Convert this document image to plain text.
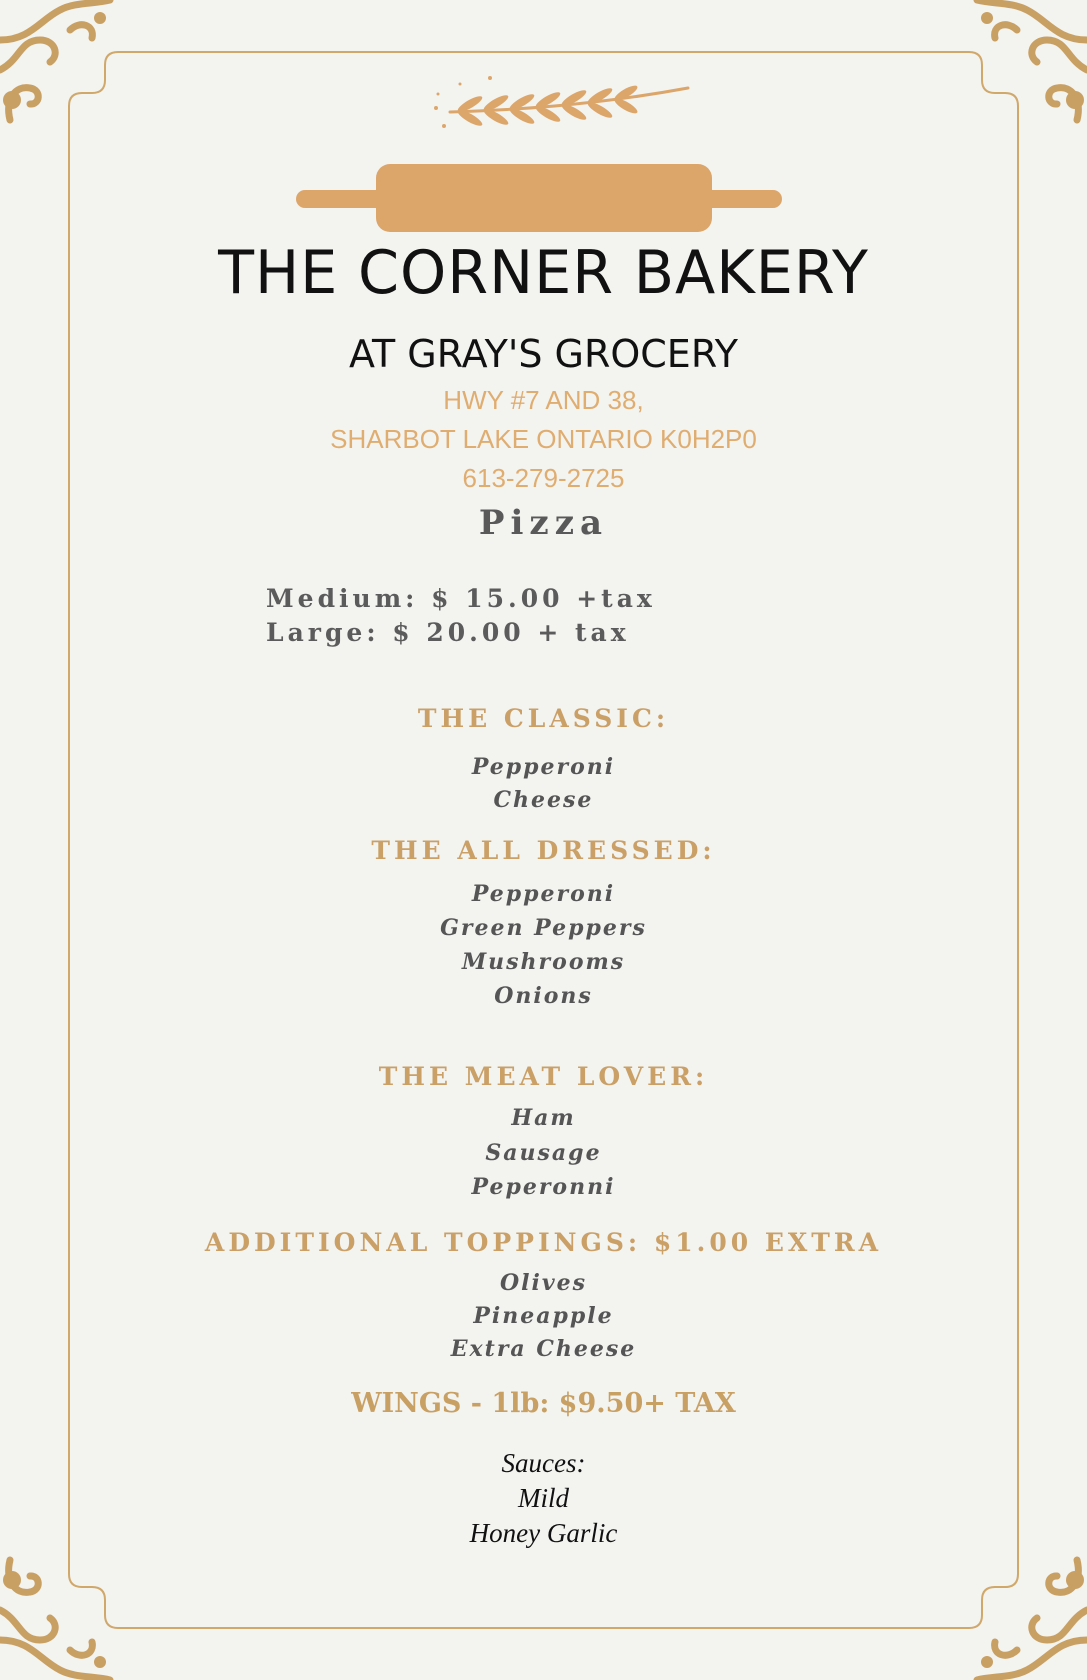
THE CORNER BAKERY
AT GRAY'S GROCERY
HWY #7 AND 38,
SHARBOT LAKE ONTARIO K0H2P0
613-279-2725
Pizza
Medium: $ 15.00 +tax
Large: $ 20.00 + tax
THE CLASSIC:
Pepperoni
Cheese
THE ALL DRESSED:
Pepperoni
Green Peppers
Mushrooms
Onions
THE MEAT LOVER:
Ham
Sausage
Peperonni
ADDITIONAL TOPPINGS: $1.00 EXTRA
Olives
Pineapple
Extra Cheese
WINGS - 1lb: $9.50+ TAX
Sauces:
Mild
Honey Garlic
